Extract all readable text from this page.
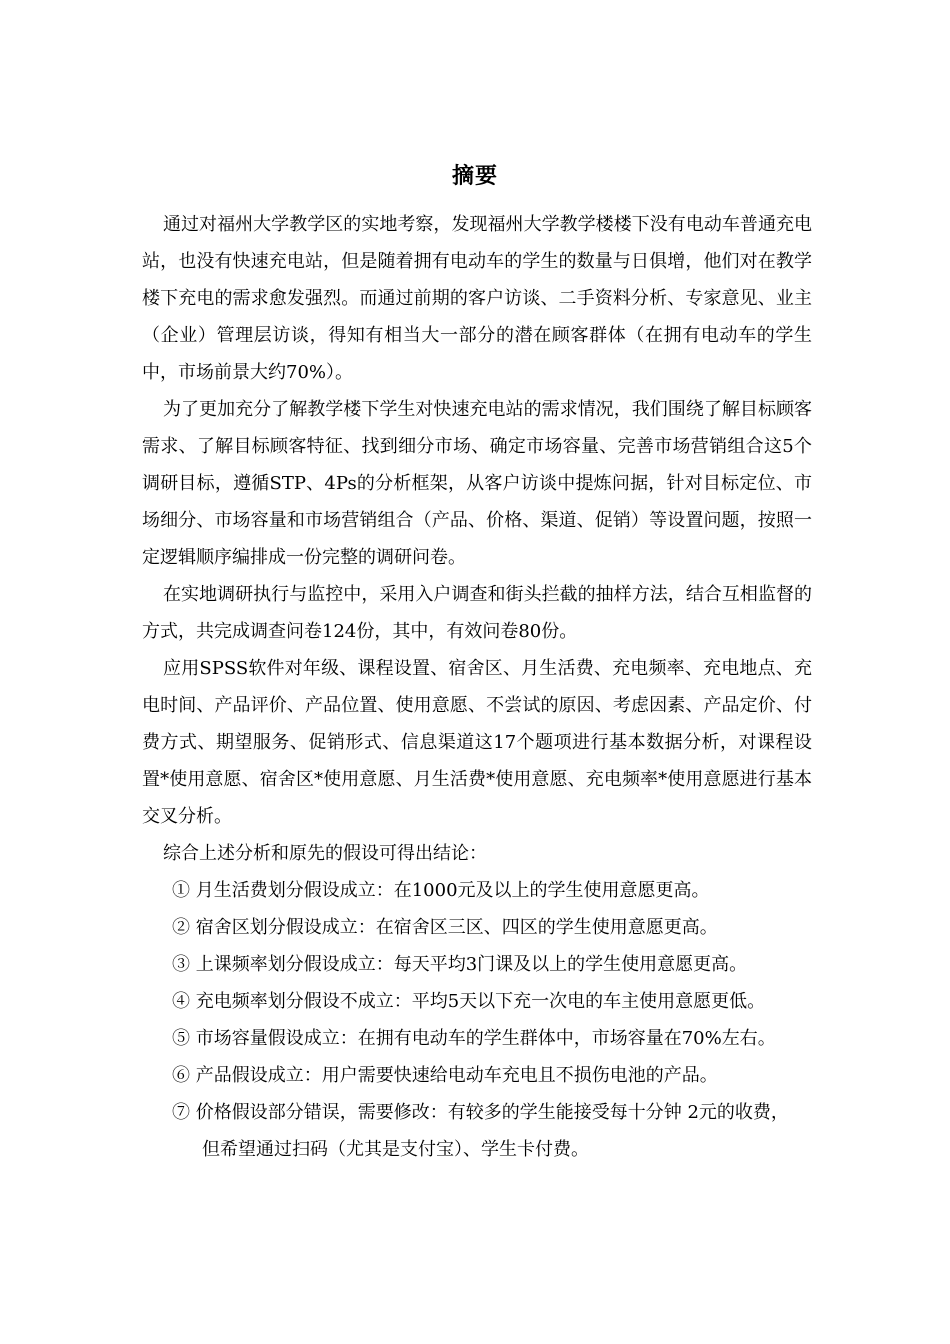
摘要

通过对福州大学教学区的实地考察，发现福州大学教学楼楼下没有电动车普通充电站，也没有快速充电站，但是随着拥有电动车的学生的数量与日俱增，他们对在教学楼下充电的需求愈发强烈。而通过前期的客户访谈、二手资料分析、专家意见、业主（企业）管理层访谈，得知有相当大一部分的潜在顾客群体（在拥有电动车的学生中，市场前景大约70%）。

为了更加充分了解教学楼下学生对快速充电站的需求情况，我们围绕了解目标顾客需求、了解目标顾客特征、找到细分市场、确定市场容量、完善市场营销组合这5个调研目标，遵循STP、4Ps的分析框架，从客户访谈中提炼问据，针对目标定位、市场细分、市场容量和市场营销组合（产品、价格、渠道、促销）等设置问题，按照一定逻辑顺序编排成一份完整的调研问卷。

在实地调研执行与监控中，采用入户调查和街头拦截的抽样方法，结合互相监督的方式，共完成调查问卷124份，其中，有效问卷80份。

应用SPSS软件对年级、课程设置、宿舍区、月生活费、充电频率、充电地点、充电时间、产品评价、产品位置、使用意愿、不尝试的原因、考虑因素、产品定价、付费方式、期望服务、促销形式、信息渠道这17个题项进行基本数据分析，对课程设置*使用意愿、宿舍区*使用意愿、月生活费*使用意愿、充电频率*使用意愿进行基本交叉分析。

综合上述分析和原先的假设可得出结论：

① 月生活费划分假设成立：在1000元及以上的学生使用意愿更高。

② 宿舍区划分假设成立：在宿舍区三区、四区的学生使用意愿更高。

③ 上课频率划分假设成立：每天平均3门课及以上的学生使用意愿更高。

④ 充电频率划分假设不成立：平均5天以下充一次电的车主使用意愿更低。

⑤ 市场容量假设成立：在拥有电动车的学生群体中，市场容量在70%左右。

⑥ 产品假设成立：用户需要快速给电动车充电且不损伤电池的产品。

⑦ 价格假设部分错误，需要修改：有较多的学生能接受每十分钟 2元的收费，

但希望通过扫码（尤其是支付宝）、学生卡付费。
